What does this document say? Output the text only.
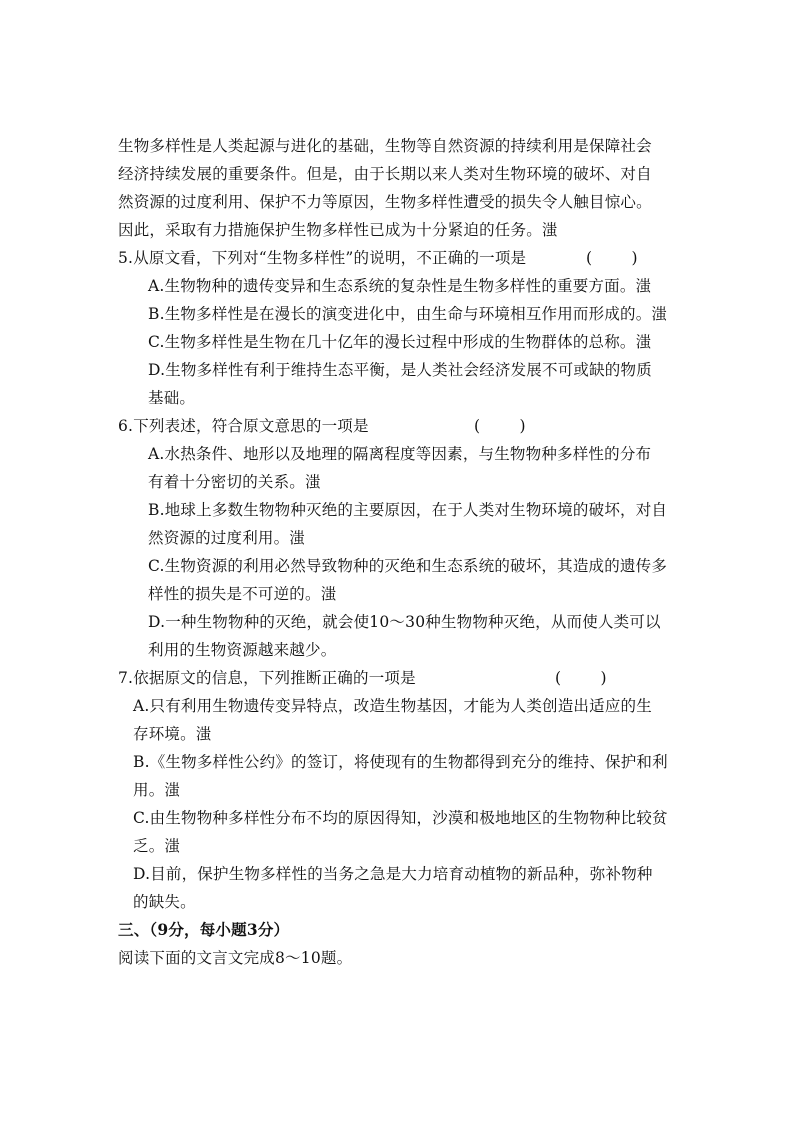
生物多样性是人类起源与进化的基础，生物等自然资源的持续利用是保障社会
经济持续发展的重要条件。但是，由于长期以来人类对生物环境的破坏、对自
然资源的过度利用、保护不力等原因，生物多样性遭受的损失令人触目惊心。
因此，采取有力措施保护生物多样性已成为十分紧迫的任务。滍
5.从原文看，下列对“生物多样性”的说明，不正确的一项是	(        )
A.生物物种的遗传变异和生态系统的复杂性是生物多样性的重要方面。滍
B.生物多样性是在漫长的演变进化中，由生命与环境相互作用而形成的。滍
C.生物多样性是生物在几十亿年的漫长过程中形成的生物群体的总称。滍
D.生物多样性有利于维持生态平衡，是人类社会经济发展不可或缺的物质
基础。
6.下列表述，符合原文意思的一项是	(        )
A.水热条件、地形以及地理的隔离程度等因素，与生物物种多样性的分布
有着十分密切的关系。滍
B.地球上多数生物物种灭绝的主要原因，在于人类对生物环境的破坏，对自
然资源的过度利用。滍
C.生物资源的利用必然导致物种的灭绝和生态系统的破坏，其造成的遗传多
样性的损失是不可逆的。滍
D.一种生物物种的灭绝，就会使10～30种生物物种灭绝，从而使人类可以
利用的生物资源越来越少。
7.依据原文的信息，下列推断正确的一项是	(        )
A.只有利用生物遗传变异特点，改造生物基因，才能为人类创造出适应的生
存环境。滍
B.《生物多样性公约》的签订，将使现有的生物都得到充分的维持、保护和利
用。滍
C.由生物物种多样性分布不均的原因得知，沙漠和极地地区的生物物种比较贫
乏。滍
D.目前，保护生物多样性的当务之急是大力培育动植物的新品种，弥补物种
的缺失。
三、（9分，每小题3分）
阅读下面的文言文完成8～10题。
